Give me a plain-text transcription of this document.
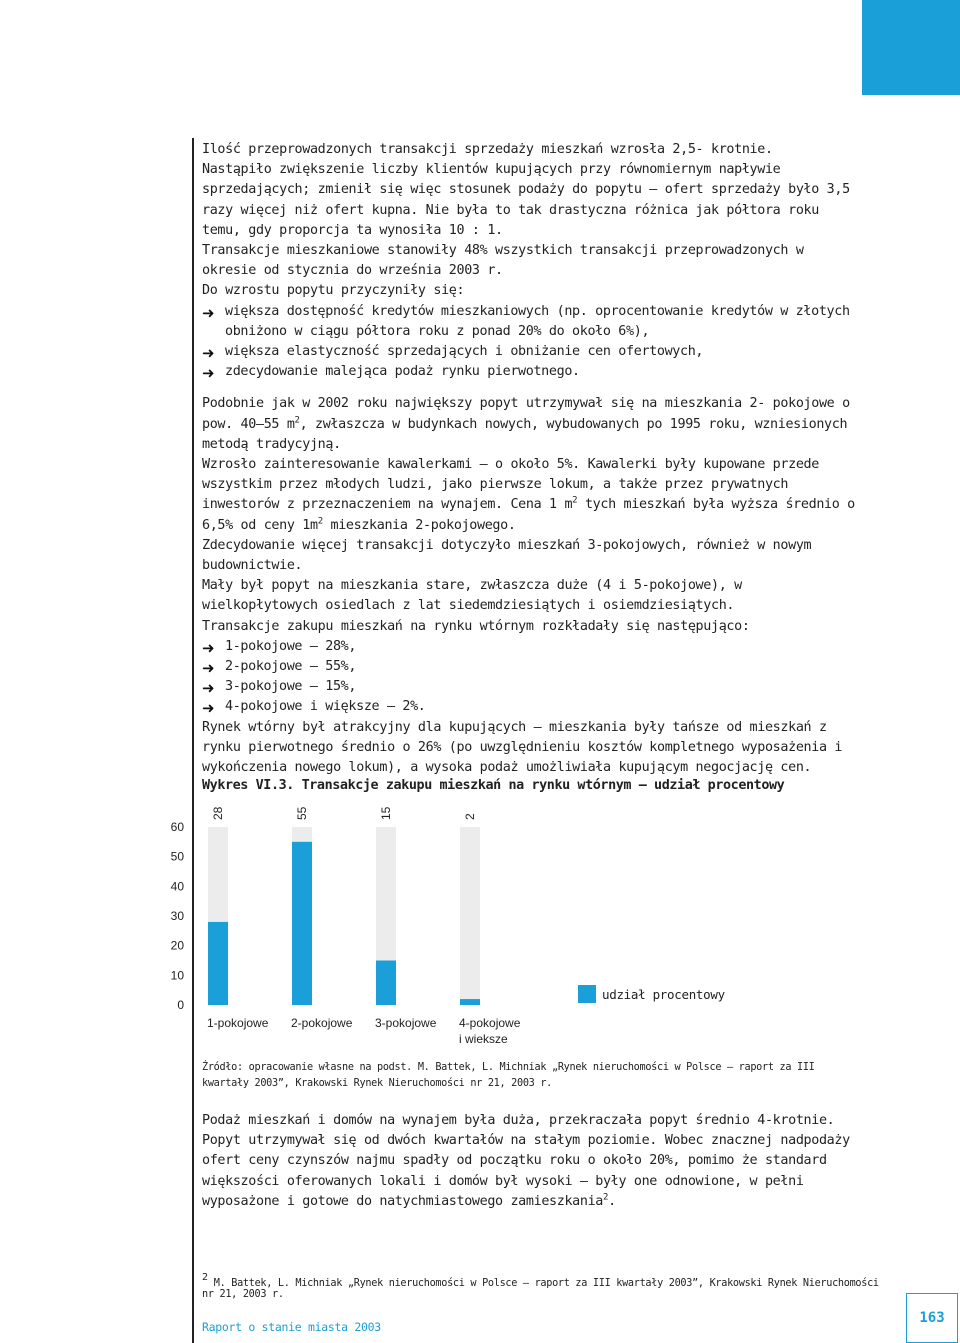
Ilość przeprowadzonych transakcji sprzedaży mieszkań wzrosła 2,5- krotnie.

Nastąpiło zwiększenie liczby klientów kupujących przy równomiernym napływie sprzedających; zmienił się więc stosunek podaży do popytu – ofert sprzedaży było 3,5 razy więcej niż ofert kupna. Nie była to tak drastyczna różnica jak półtora roku temu, gdy proporcja ta wynosiła 10 : 1.

Transakcje mieszkaniowe stanowiły 48% wszystkich transakcji przeprowadzonych w okresie od stycznia do września 2003 r.

Do wzrostu popytu przyczyniły się:

➜ większa dostępność kredytów mieszkaniowych (np. oprocentowanie kredytów w złotych obniżono w ciągu półtora roku z ponad 20% do około 6%),
➜ większa elastyczność sprzedających i obniżanie cen ofertowych,
➜ zdecydowanie malejąca podaż rynku pierwotnego.

Podobnie jak w 2002 roku największy popyt utrzymywał się na mieszkania 2- pokojowe o pow. 40–55 $m^2$, zwłaszcza w budynkach nowych, wybudowanych po 1995 roku, wzniesionych metodą tradycyjną.

Wzrosło zainteresowanie kawalerkami – o około 5%. Kawalerki były kupowane przede wszystkim przez młodych ludzi, jako pierwsze lokum, a także przez prywatnych inwestorów z przeznaczeniem na wynajem. Cena 1 $m^2$ tych mieszkań była wyższa średnio o 6,5% od ceny $1m^2$ mieszkania 2-pokojowego.

Zdecydowanie więcej transakcji dotyczyło mieszkań 3-pokojowych, również w nowym budownictwie.

Mały był popyt na mieszkania stare, zwłaszcza duże (4 i 5-pokojowe), w wielkopłytowych osiedlach z lat siedemdziesiątych i osiemdziesiątych.

Transakcje zakupu mieszkań na rynku wtórnym rozkładały się następująco:

➜ 1-pokojowe – 28%,
➜ 2-pokojowe – 55%,
➜ 3-pokojowe – 15%,
➜ 4-pokojowe i większe – 2%.

Rynek wtórny był atrakcyjny dla kupujących – mieszkania były tańsze od mieszkań z rynku pierwotnego średnio o 26% (po uwzględnieniu kosztów kompletnego wyposażenia i wykończenia nowego lokum), a wysoka podaż umożliwiała kupującym negocjację cen.

Wykres VI.3. Transakcje zakupu mieszkań na rynku wtórnym – udział procentowy
0
10
20
30
40
50
60
28
1-pokojowe
55
2-pokojowe
15
3-pokojowe
2
4-pokojowe
i wieksze
udział procentowy
Źródło: opracowanie własne na podst. M. Battek, L. Michniak „Rynek nieruchomości w Polsce – raport za III kwartały 2003”, Krakowski Rynek Nieruchomości nr 21, 2003 r.
Podaż mieszkań i domów na wynajem była duża, przekraczała popyt średnio 4-krotnie. Popyt utrzymywał się od dwóch kwartałów na stałym poziomie. Wobec znacznej nadpodaży ofert ceny czynszów najmu spadły od początku roku o około 20%, pomimo że standard większości oferowanych lokali i domów był wysoki – były one odnowione, w pełni wyposażone i gotowe do natychmiastowego zamieszkania$^2$.
$^2$M. Battek, L. Michniak „Rynek nieruchomości w Polsce – raport za III kwartały 2003”, Krakowski Rynek Nieruchomości nr 21, 2003 r.
Raport o stanie miasta 2003
163
